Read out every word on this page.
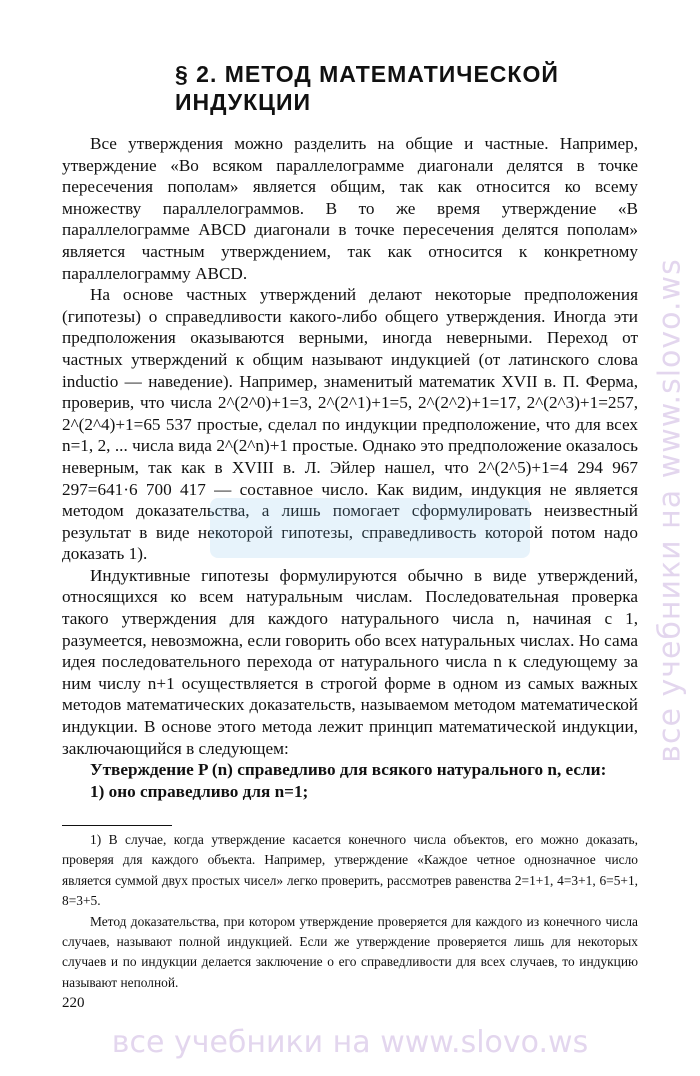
§ 2. МЕТОД МАТЕМАТИЧЕСКОЙ
ИНДУКЦИИ

Все утверждения можно разделить на общие и частные. Например, утверждение «Во всяком параллелограмме диагонали делятся в точке пересечения пополам» является общим, так как относится ко всему множеству параллелограммов. В то же время утверждение «В параллелограмме ABCD диагонали в точке пересечения делятся пополам» является частным утверждением, так как относится к конкретному параллелограмму ABCD.

На основе частных утверждений делают некоторые предположения (гипотезы) о справедливости какого-либо общего утверждения. Иногда эти предположения оказываются верными, иногда неверными. Переход от частных утверждений к общим называют индукцией (от латинского слова inductio — наведение). Например, знаменитый математик XVII в. П. Ферма, проверив, что числа 2^(2^0)+1=3, 2^(2^1)+1=5, 2^(2^2)+1=17, 2^(2^3)+1=257, 2^(2^4)+1=65 537 простые, сделал по индукции предположение, что для всех n=1, 2, ... числа вида 2^(2^n)+1 простые. Однако это предположение оказалось неверным, так как в XVIII в. Л. Эйлер нашел, что 2^(2^5)+1=4 294 967 297=641·6 700 417 — составное число. Как видим, индукция не является методом доказательства, а лишь помогает сформулировать неизвестный результат в виде некоторой гипотезы, справедливость которой потом надо доказать 1).

Индуктивные гипотезы формулируются обычно в виде утверждений, относящихся ко всем натуральным числам. Последовательная проверка такого утверждения для каждого натурального числа n, начиная с 1, разумеется, невозможна, если говорить обо всех натуральных числах. Но сама идея последовательного перехода от натурального числа n к следующему за ним числу n+1 осуществляется в строгой форме в одном из самых важных методов математических доказательств, называемом методом математической индукции. В основе этого метода лежит принцип математической индукции, заключающийся в следующем:

Утверждение P (n) справедливо для всякого натурального n, если:

1) оно справедливо для n=1;

1) В случае, когда утверждение касается конечного числа объектов, его можно доказать, проверяя для каждого объекта. Например, утверждение «Каждое четное однозначное число является суммой двух простых чисел» легко проверить, рассмотрев равенства 2=1+1, 4=3+1, 6=5+1, 8=3+5.

Метод доказательства, при котором утверждение проверяется для каждого из конечного числа случаев, называют полной индукцией. Если же утверждение проверяется лишь для некоторых случаев и по индукции делается заключение о его справедливости для всех случаев, то индукцию называют неполной.

220
все учебники на www.slovo.ws
все учебники на www.slovo.ws
